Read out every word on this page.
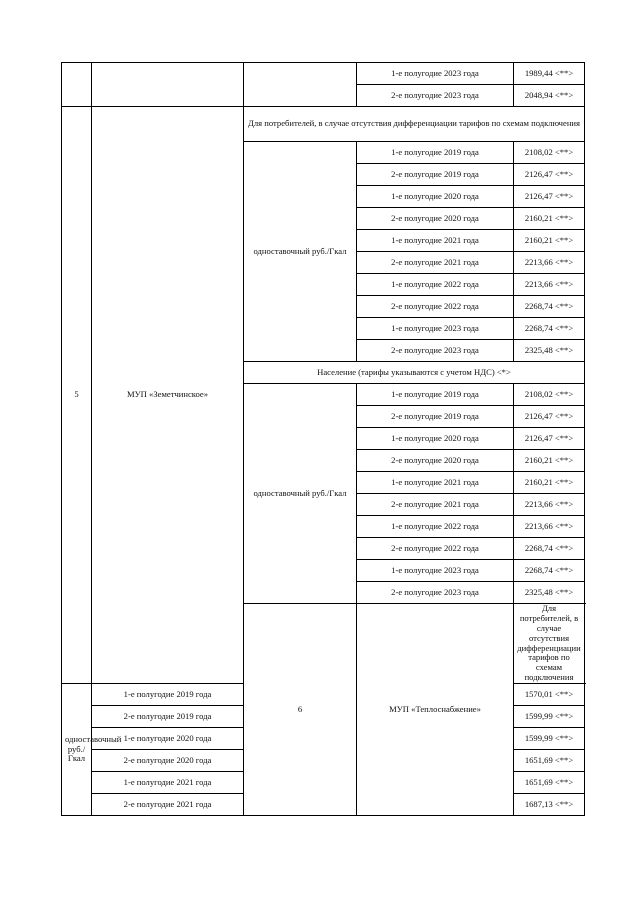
			1-е полугодие 2023 года	1989,44 <**>
			2-е полугодие 2023 года	2048,94 <**>
5	МУП «Земетчинское»	Для потребителей, в случае отсутствия дифференциации тарифов по схемам подключения		
		одноставочный руб./Гкал	1-е полугодие 2019 года	2108,02 <**>
			2-е полугодие 2019 года	2126,47 <**>
			1-е полугодие 2020 года	2126,47 <**>
			2-е полугодие 2020 года	2160,21 <**>
			1-е полугодие 2021 года	2160,21 <**>
			2-е полугодие 2021 года	2213,66 <**>
			1-е полугодие 2022 года	2213,66 <**>
			2-е полугодие 2022 года	2268,74 <**>
			1-е полугодие 2023 года	2268,74 <**>
			2-е полугодие 2023 года	2325,48 <**>
		Население (тарифы указываются с учетом НДС) <*>		
		одноставочный руб./Гкал	1-е полугодие 2019 года	2108,02 <**>
			2-е полугодие 2019 года	2126,47 <**>
			1-е полугодие 2020 года	2126,47 <**>
			2-е полугодие 2020 года	2160,21 <**>
			1-е полугодие 2021 года	2160,21 <**>
			2-е полугодие 2021 года	2213,66 <**>
			1-е полугодие 2022 года	2213,66 <**>
			2-е полугодие 2022 года	2268,74 <**>
			1-е полугодие 2023 года	2268,74 <**>
			2-е полугодие 2023 года	2325,48 <**>
		6	МУП «Теплоснабжение»	Для потребителей, в случае отсутствия дифференциации тарифов по схемам подключения
одноставочный руб./Гкал	1-е полугодие 2019 года			1570,01 <**>
	2-е полугодие 2019 года			1599,99 <**>
	1-е полугодие 2020 года			1599,99 <**>
	2-е полугодие 2020 года			1651,69 <**>
	1-е полугодие 2021 года			1651,69 <**>
	2-е полугодие 2021 года			1687,13 <**>
